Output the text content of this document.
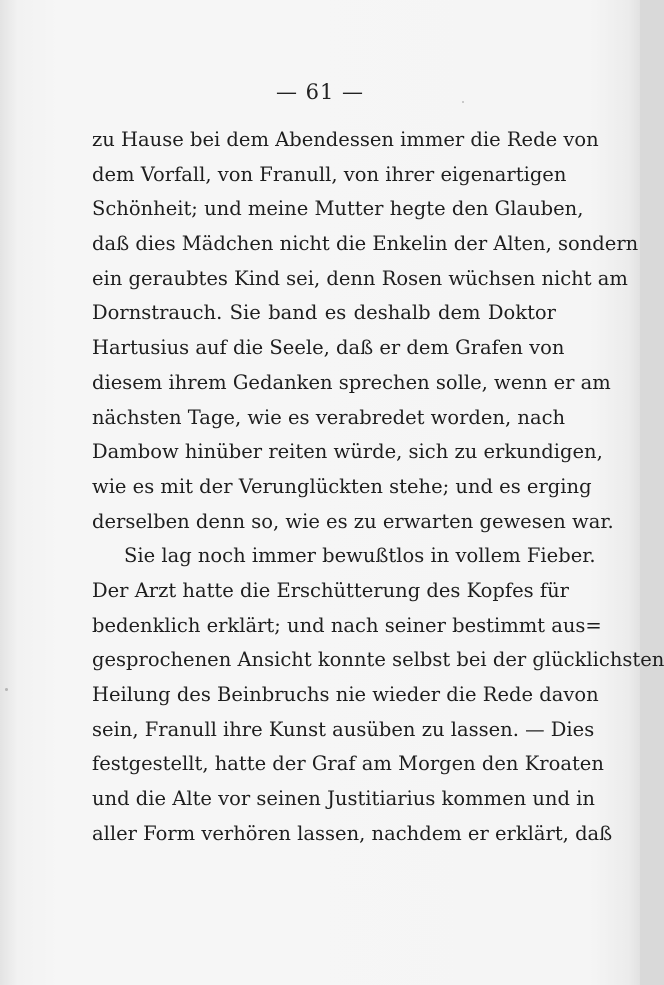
— 61 —
zu Hause bei dem Abendessen immer die Rede von
dem Vorfall, von Franull, von ihrer eigenartigen
Schönheit; und meine Mutter hegte den Glauben,
daß dies Mädchen nicht die Enkelin der Alten, sondern
ein geraubtes Kind sei, denn Rosen wüchsen nicht am
Dornstrauch. Sie band es deshalb dem Doktor
Hartusius auf die Seele, daß er dem Grafen von
diesem ihrem Gedanken sprechen solle, wenn er am
nächsten Tage, wie es verabredet worden, nach
Dambow hinüber reiten würde, sich zu erkundigen,
wie es mit der Verunglückten stehe; und es erging
derselben denn so, wie es zu erwarten gewesen war.
Sie lag noch immer bewußtlos in vollem Fieber.
Der Arzt hatte die Erschütterung des Kopfes für
bedenklich erklärt; und nach seiner bestimmt aus=
gesprochenen Ansicht konnte selbst bei der glücklichsten
Heilung des Beinbruchs nie wieder die Rede davon
sein, Franull ihre Kunst ausüben zu lassen. — Dies
festgestellt, hatte der Graf am Morgen den Kroaten
und die Alte vor seinen Justitiarius kommen und in
aller Form verhören lassen, nachdem er erklärt, daß
